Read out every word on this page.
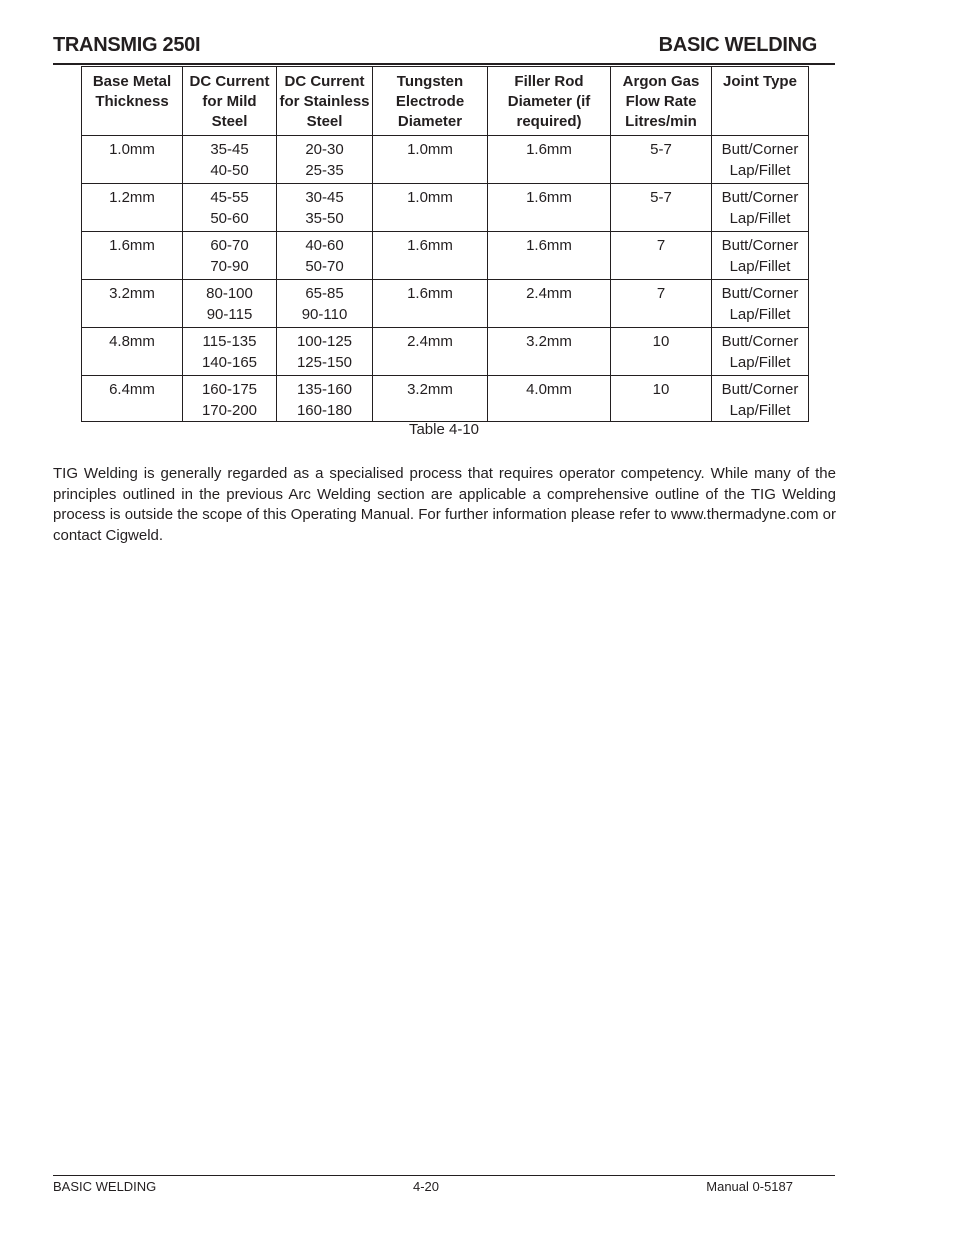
TRANSMIG 250I	BASIC WELDING
Base Metal
Thickness	DC Current
for Mild
Steel	DC Current
for Stainless
Steel	Tungsten
Electrode
Diameter	Filler Rod
Diameter (if
required)	Argon Gas
Flow Rate
Litres/min	Joint Type

1.0mm	35-45
40-50	20-30
25-35	1.0mm	1.6mm	5-7	Butt/Corner
Lap/Fillet

1.2mm	45-55
50-60	30-45
35-50	1.0mm	1.6mm	5-7	Butt/Corner
Lap/Fillet

1.6mm	60-70
70-90	40-60
50-70	1.6mm	1.6mm	7	Butt/Corner
Lap/Fillet

3.2mm	80-100
90-115	65-85
90-110	1.6mm	2.4mm	7	Butt/Corner
Lap/Fillet

4.8mm	115-135
140-165	100-125
125-150	2.4mm	3.2mm	10	Butt/Corner
Lap/Fillet

6.4mm	160-175
170-200	135-160
160-180	3.2mm	4.0mm	10	Butt/Corner
Lap/Fillet
Table 4-10

TIG Welding is generally regarded as a specialised process that requires operator competency. While many of the principles outlined in the previous Arc Welding section are applicable a comprehensive outline of the TIG Welding process is outside the scope of this Operating Manual. For further information please refer to www.thermadyne.com or contact Cigweld.

BASIC WELDING	4-20	Manual 0-5187
